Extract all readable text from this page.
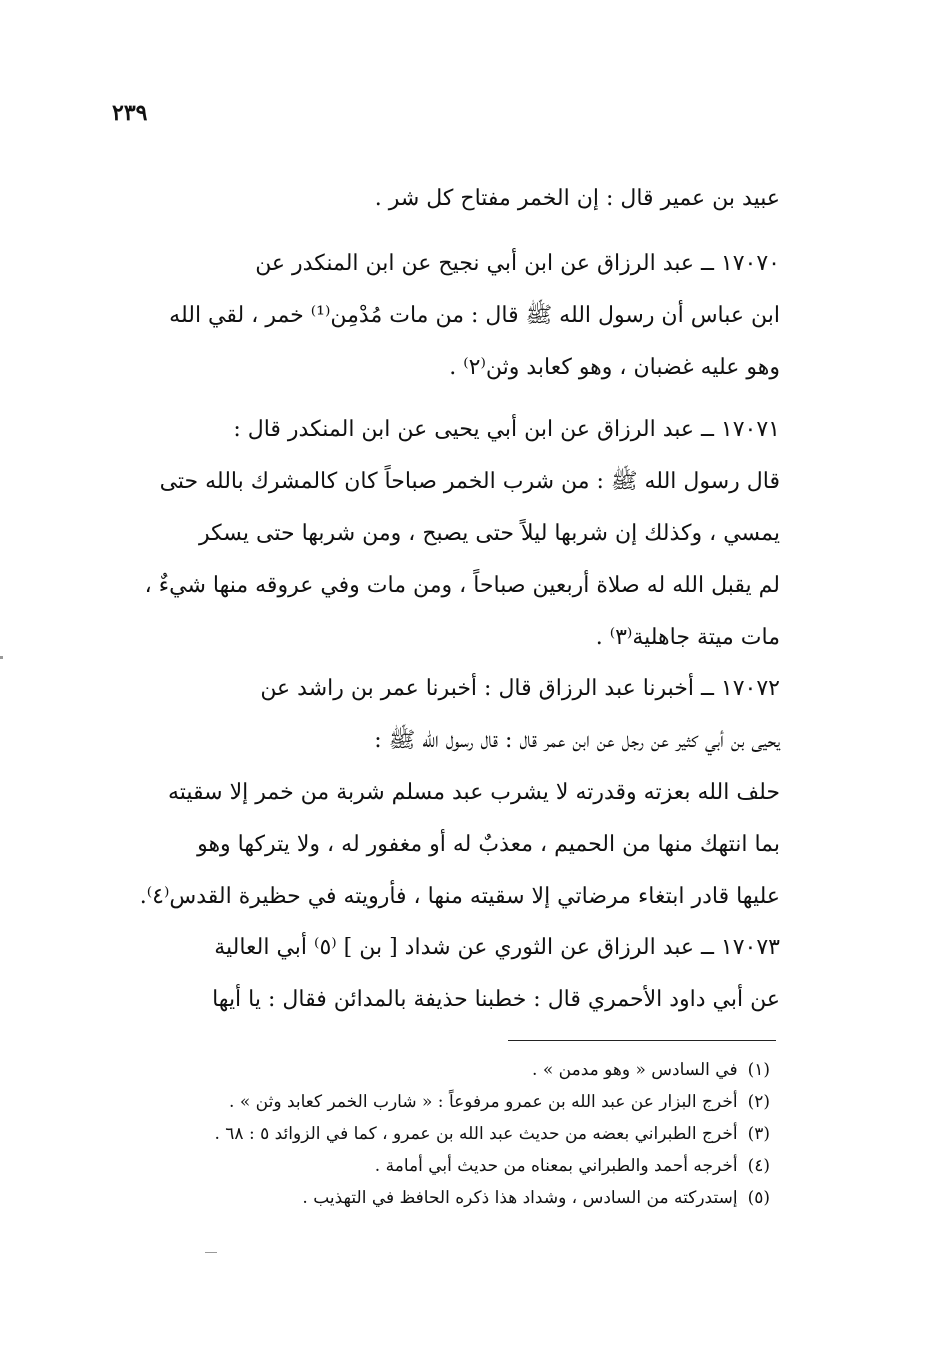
٢٣٩
عبيد بن عمير قال : إن الخمر مفتاح كل شر .
١٧٠٧٠ ــ عبد الرزاق عن ابن أبي نجيح عن ابن المنكدر عن
ابن عباس أن رسول الله ﷺ قال : من مات مُدْمِن⁽¹⁾ خمر ، لقي الله
وهو عليه غضبان ، وهو كعابد وثن⁽٢⁾ .
١٧٠٧١ ــ عبد الرزاق عن ابن أبي يحيى عن ابن المنكدر قال :
قال رسول الله ﷺ : من شرب الخمر صباحاً كان كالمشرك بالله حتى
يمسي ، وكذلك إن شربها ليلاً حتى يصبح ، ومن شربها حتى يسكر
لم يقبل الله له صلاة أربعين صباحاً ، ومن مات وفي عروقه منها شيءٌ ،
مات ميتة جاهلية⁽٣⁾ .
١٧٠٧٢ ــ أخبرنا عبد الرزاق قال : أخبرنا عمر بن راشد عن
يحيى بن أبي كثير عن رجل عن ابن عمر قال : قال رسول الله ﷺ :
حلف الله بعزته وقدرته لا يشرب عبد مسلم شربة من خمر إلا سقيته
بما انتهك منها من الحميم ، معذبٌ له أو مغفور له ، ولا يتركها وهو
عليها قادر ابتغاء مرضاتي إلا سقيته منها ، فأرويته في حظيرة القدس⁽٤⁾.
١٧٠٧٣ ــ عبد الرزاق عن الثوري عن شداد [ بن ] ⁽٥⁾ أبي العالية
عن أبي داود الأحمري قال : خطبنا حذيفة بالمدائن فقال : يا أيها
(١)في السادس « وهو مدمن » .
(٢)أخرج البزار عن عبد الله بن عمرو مرفوعاً : « شارب الخمر كعابد وثن » .
(٣)أخرج الطبراني بعضه من حديث عبد الله بن عمرو ، كما في الزوائد ٥ : ٦٨ .
(٤)أخرجه أحمد والطبراني بمعناه من حديث أبي أمامة .
(٥)إستدركته من السادس ، وشداد هذا ذكره الحافظ في التهذيب .
